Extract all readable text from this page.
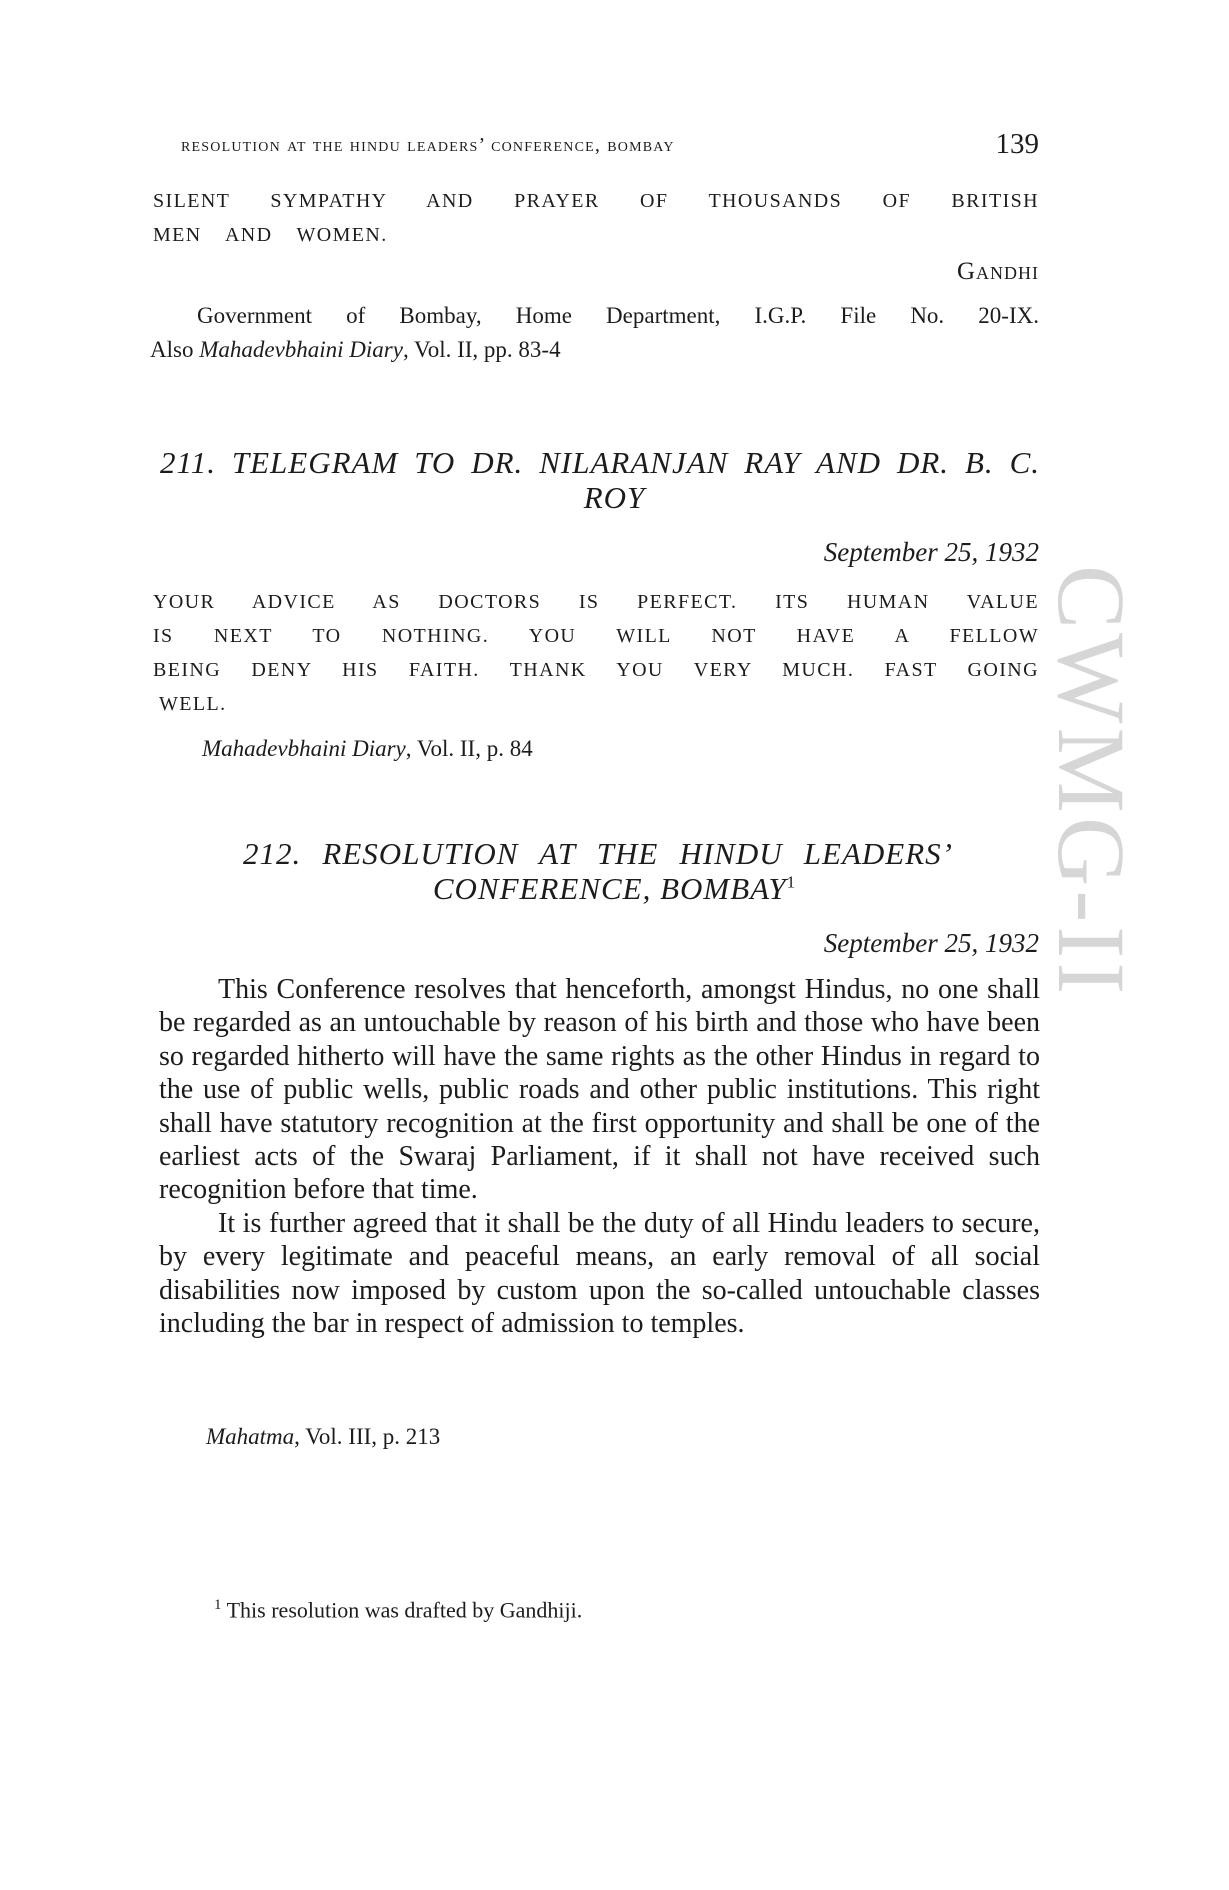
resolution at the hindu leaders’ conference, bombay	139
SILENT SYMPATHY AND PRAYER OF THOUSANDS OF BRITISH
MEN AND WOMEN.
Gandhi
Government of Bombay, Home Department, I.G.P. File No. 20-IX.
Also Mahadevbhaini Diary, Vol. II, pp. 83-4
211. TELEGRAM TO DR. NILARANJAN RAY AND DR. B. C.
ROY
September 25, 1932
YOUR ADVICE AS DOCTORS IS PERFECT. ITS HUMAN VALUE
IS NEXT TO NOTHING. YOU WILL NOT HAVE A FELLOW
BEING DENY HIS FAITH. THANK YOU VERY MUCH. FAST GOING
WELL.
Mahadevbhaini Diary, Vol. II, p. 84
212. RESOLUTION AT THE HINDU LEADERS’
CONFERENCE, BOMBAY$^1$
September 25, 1932

This Conference resolves that henceforth, amongst Hindus, no one shall be regarded as an untouchable by reason of his birth and those who have been so regarded hitherto will have the same rights as the other Hindus in regard to the use of public wells, public roads and other public institutions. This right shall have statutory recognition at the first opportunity and shall be one of the earliest acts of the Swaraj Parliament, if it shall not have received such recognition before that time.

It is further agreed that it shall be the duty of all Hindu leaders to secure, by every legitimate and peaceful means, an early removal of all social disabilities now imposed by custom upon the so-called untouchable classes including the bar in respect of admission to temples.

Mahatma, Vol. III, p. 213
$^1$ This resolution was drafted by Gandhiji.
CWMG-II
